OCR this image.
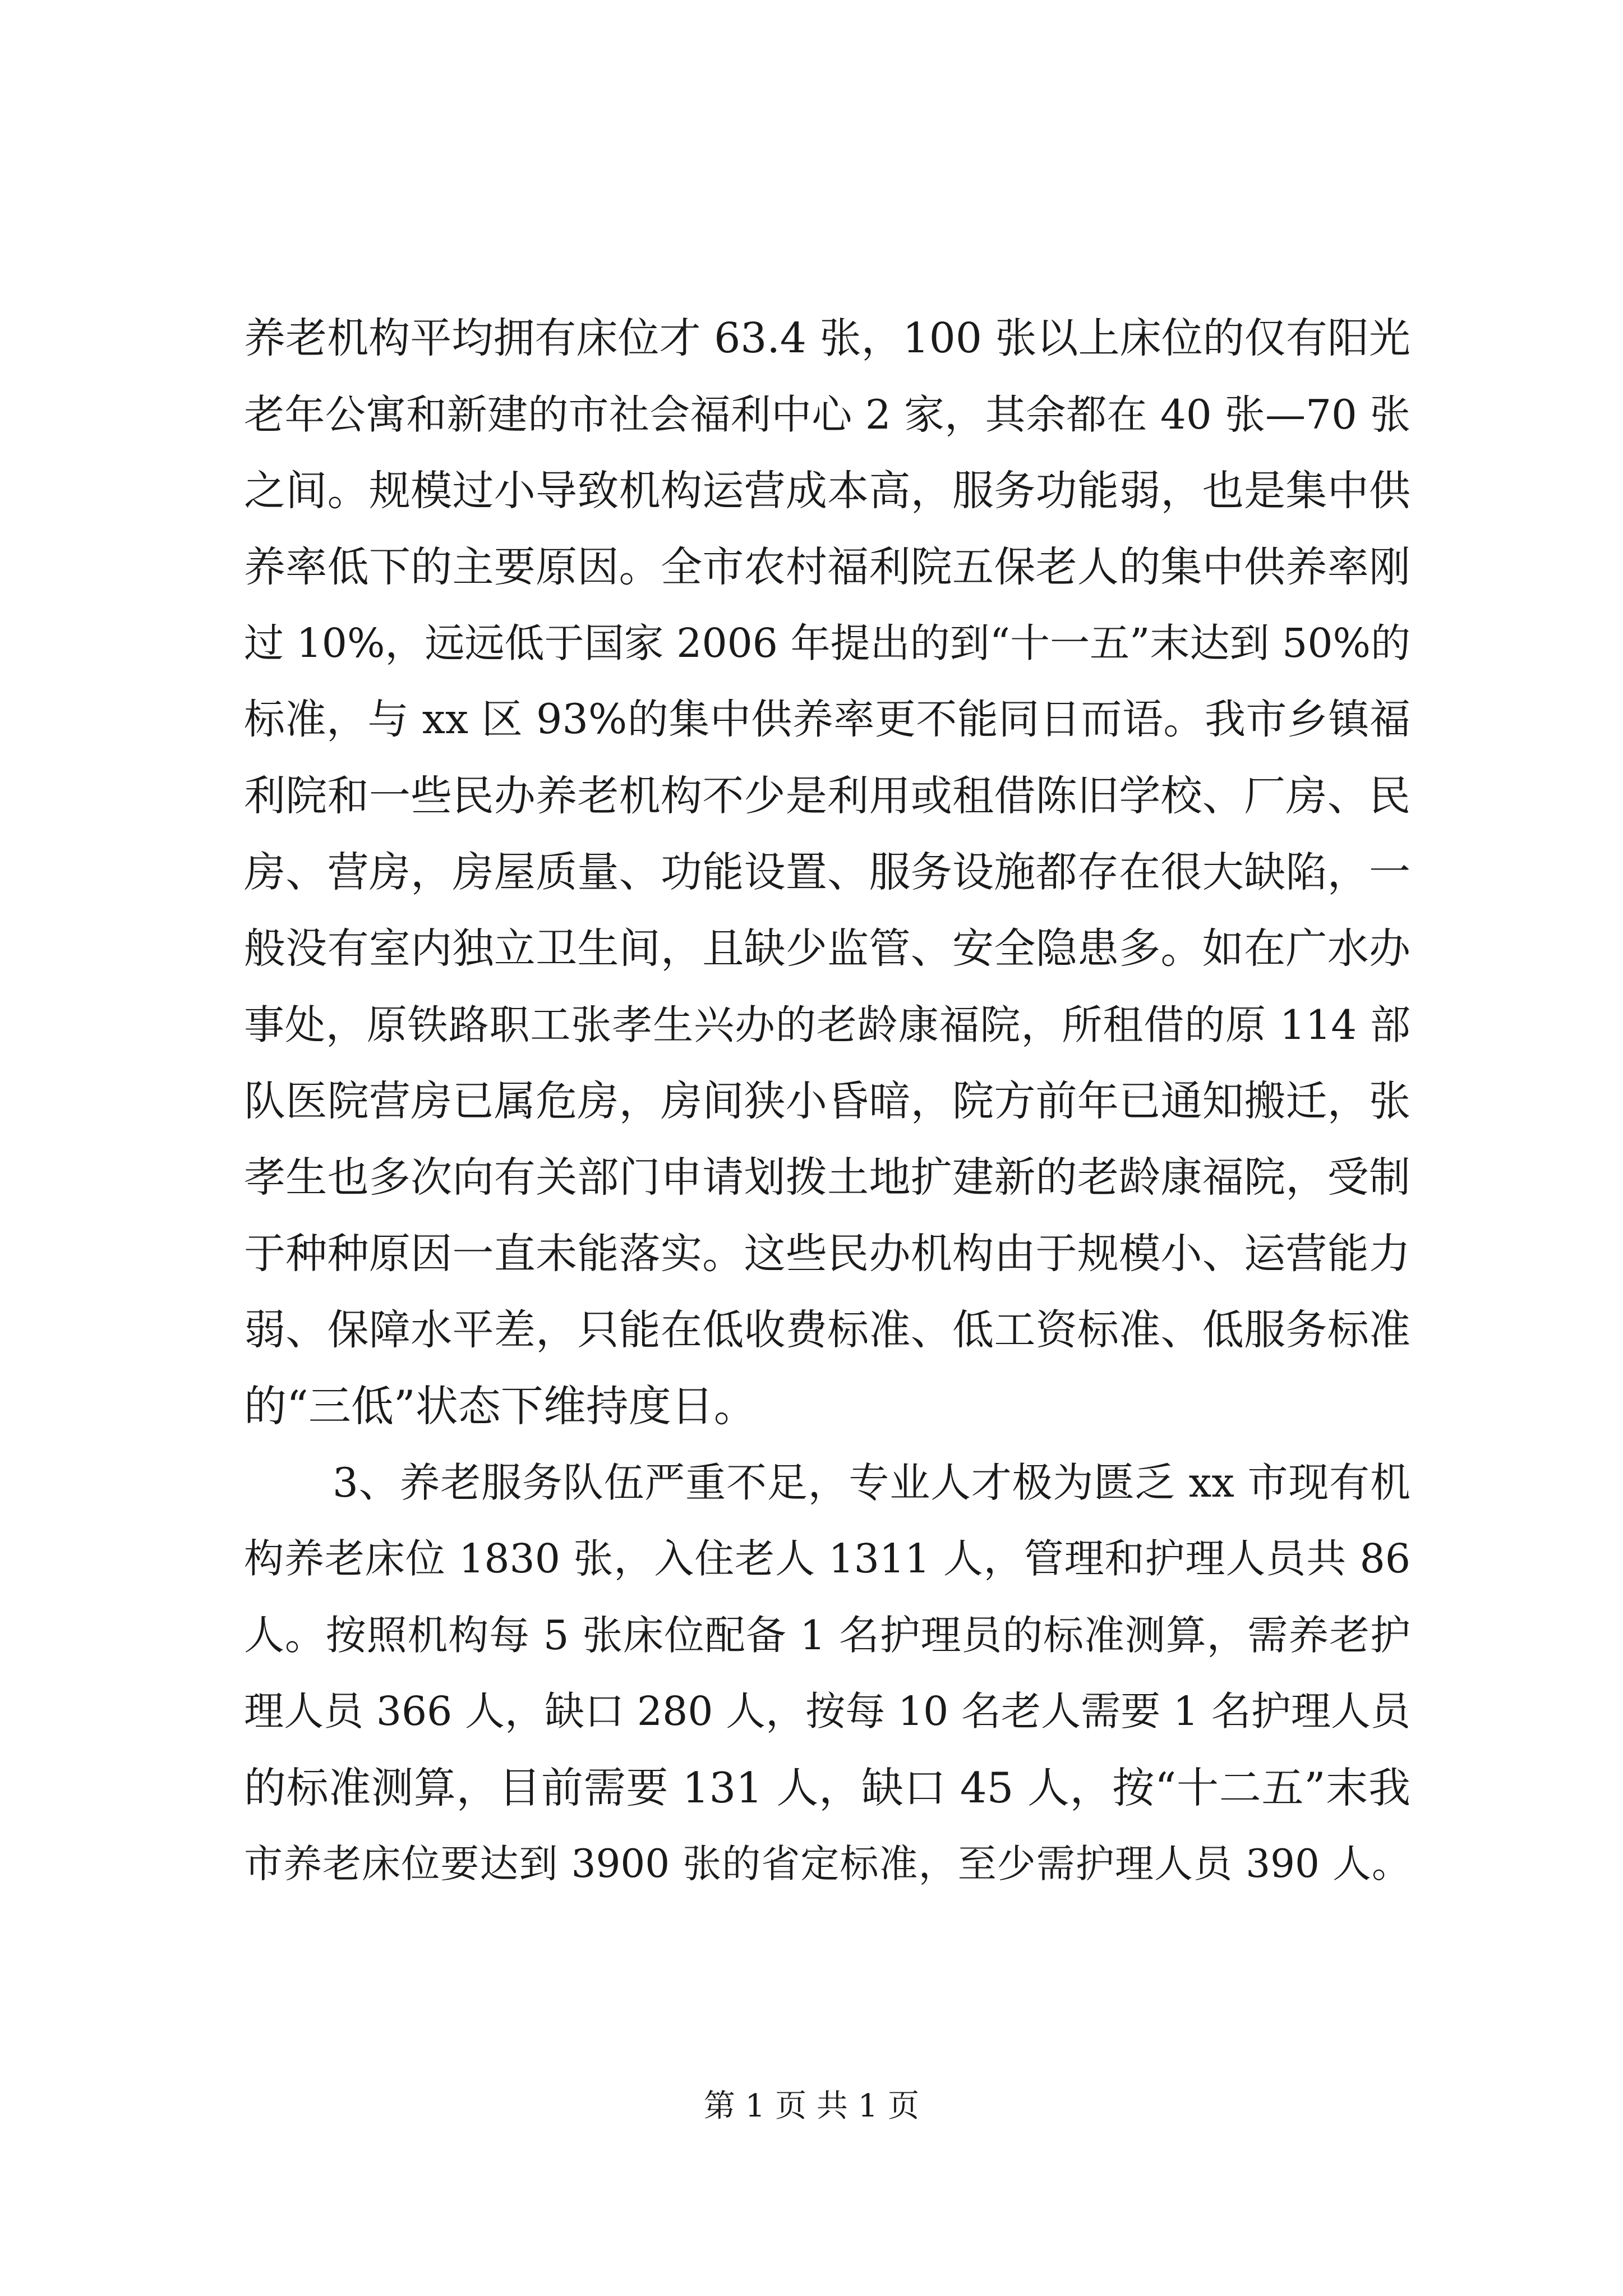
养老机构平均拥有床位才 63.4 张，100 张以上床位的仅有阳光
老年公寓和新建的市社会福利中心 2 家，其余都在 40 张—70 张
之间。规模过小导致机构运营成本高，服务功能弱，也是集中供
养率低下的主要原因。全市农村福利院五保老人的集中供养率刚
过 10%，远远低于国家 2006 年提出的到“十一五”末达到 50%的
标准，与 xx 区 93%的集中供养率更不能同日而语。我市乡镇福
利院和一些民办养老机构不少是利用或租借陈旧学校、厂房、民
房、营房，房屋质量、功能设置、服务设施都存在很大缺陷，一
般没有室内独立卫生间，且缺少监管、安全隐患多。如在广水办
事处，原铁路职工张孝生兴办的老龄康福院，所租借的原 114 部
队医院营房已属危房，房间狭小昏暗，院方前年已通知搬迁，张
孝生也多次向有关部门申请划拨土地扩建新的老龄康福院，受制
于种种原因一直未能落实。这些民办机构由于规模小、运营能力
弱、保障水平差，只能在低收费标准、低工资标准、低服务标准
的“三低”状态下维持度日。
3、养老服务队伍严重不足，专业人才极为匮乏 xx 市现有机
构养老床位 1830 张，入住老人 1311 人，管理和护理人员共 86
人。按照机构每 5 张床位配备 1 名护理员的标准测算，需养老护
理人员 366 人，缺口 280 人，按每 10 名老人需要 1 名护理人员
的标准测算，目前需要 131 人，缺口 45 人，按“十二五”末我
市养老床位要达到 3900 张的省定标准，至少需护理人员 390 人。
第 1 页 共 1 页
